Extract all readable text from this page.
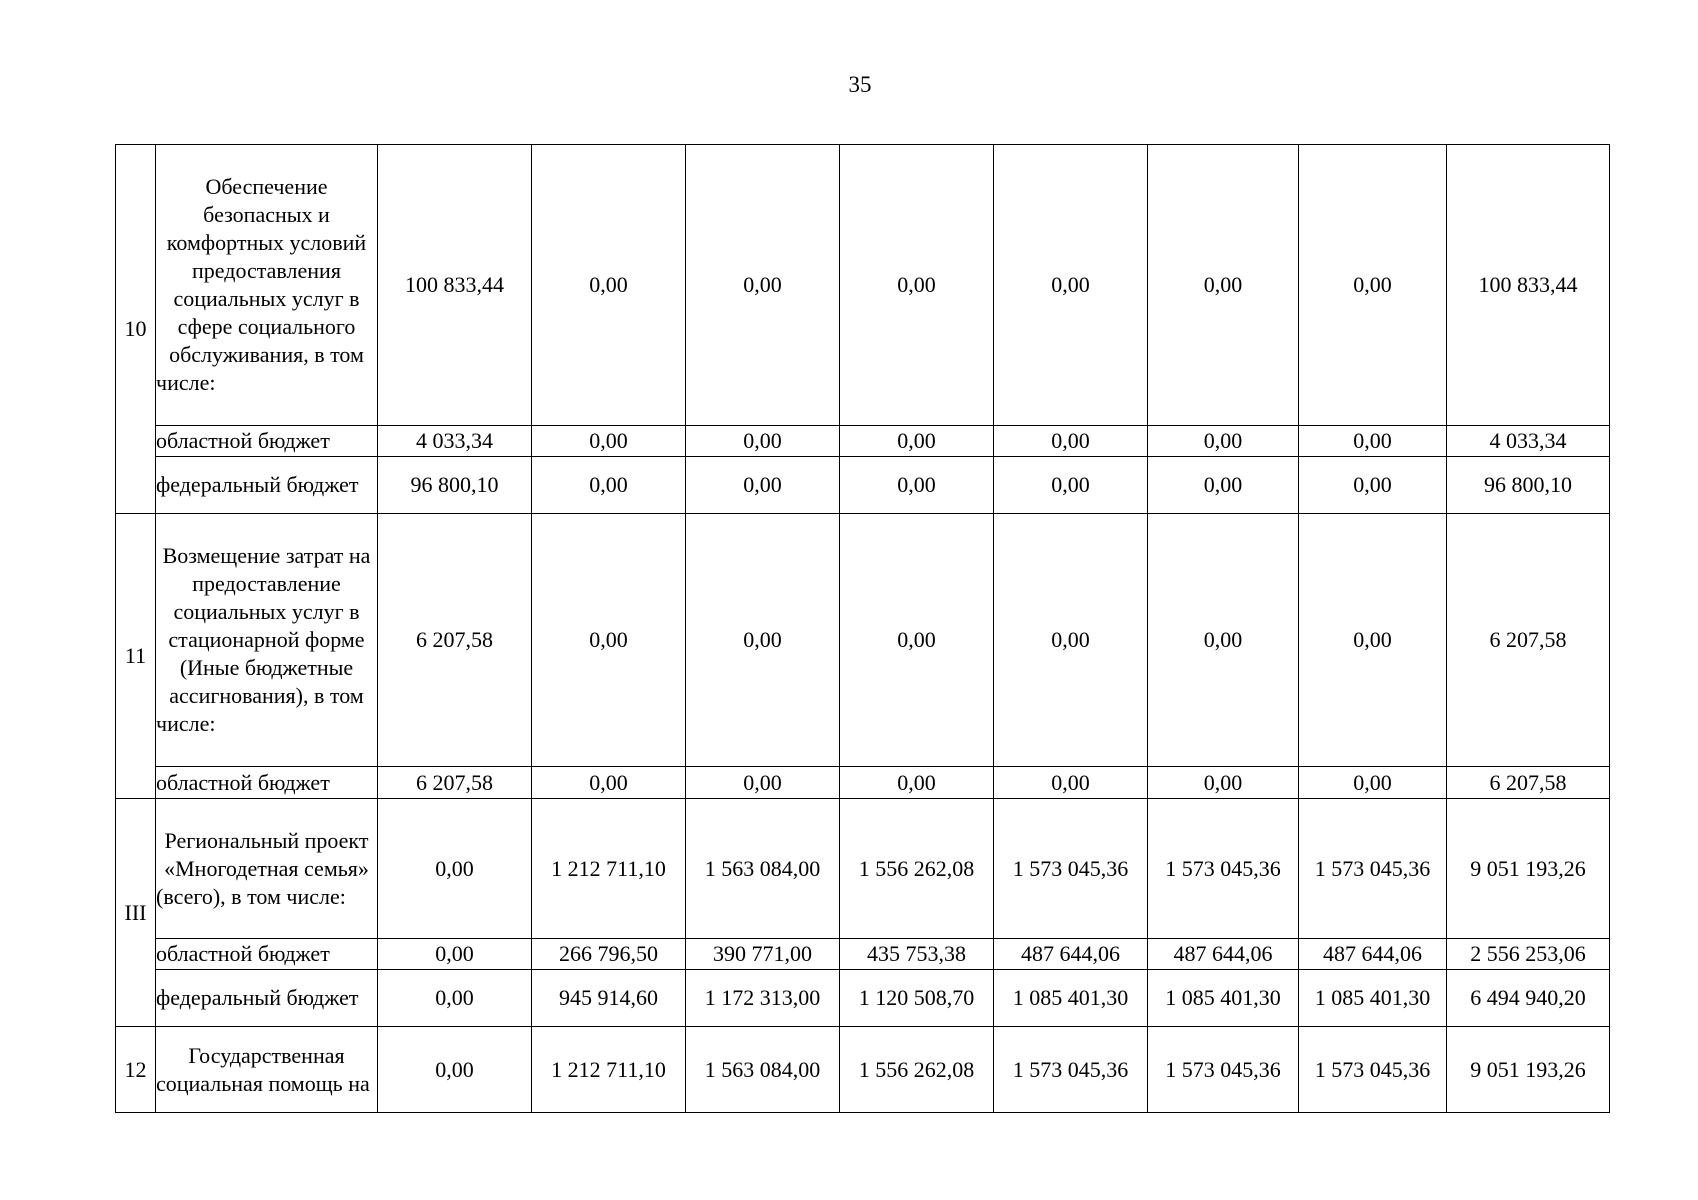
35
10	Обеспечение безопасных и комфортных условий предоставления социальных услуг в сфере социального обслуживания, в том числе:	100 833,44	0,00	0,00	0,00	0,00	0,00	0,00	100 833,44
	областной бюджет	4 033,34	0,00	0,00	0,00	0,00	0,00	0,00	4 033,34
	федеральный бюджет	96 800,10	0,00	0,00	0,00	0,00	0,00	0,00	96 800,10
11	Возмещение затрат на предоставление социальных услуг в стационарной форме (Иные бюджетные ассигнования), в том числе:	6 207,58	0,00	0,00	0,00	0,00	0,00	0,00	6 207,58
	областной бюджет	6 207,58	0,00	0,00	0,00	0,00	0,00	0,00	6 207,58
III	Региональный проект «Многодетная семья» (всего), в том числе:	0,00	1 212 711,10	1 563 084,00	1 556 262,08	1 573 045,36	1 573 045,36	1 573 045,36	9 051 193,26
	областной бюджет	0,00	266 796,50	390 771,00	435 753,38	487 644,06	487 644,06	487 644,06	2 556 253,06
	федеральный бюджет	0,00	945 914,60	1 172 313,00	1 120 508,70	1 085 401,30	1 085 401,30	1 085 401,30	6 494 940,20
12	Государственная социальная помощь на	0,00	1 212 711,10	1 563 084,00	1 556 262,08	1 573 045,36	1 573 045,36	1 573 045,36	9 051 193,26
